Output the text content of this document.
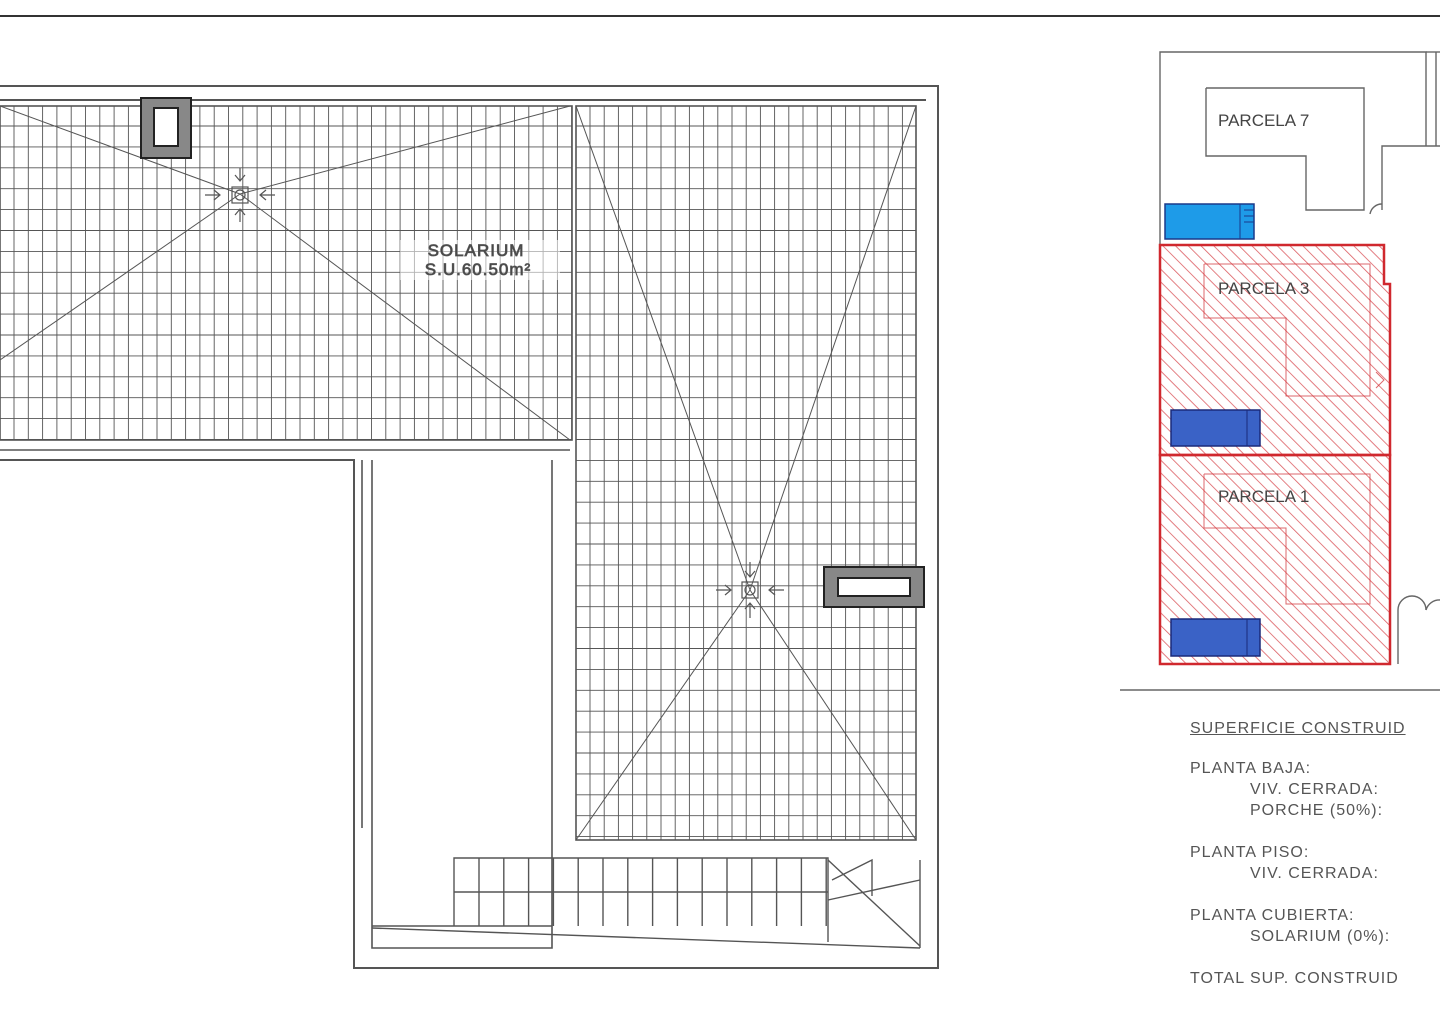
SOLARIUM
S.U.60.50m²
PARCELA 7
PARCELA 3
PARCELA 1
SUPERFICIE CONSTRUID
PLANTA BAJA:
VIV. CERRADA:
PORCHE (50%):
PLANTA PISO:
VIV. CERRADA:
PLANTA CUBIERTA:
SOLARIUM (0%):
TOTAL SUP. CONSTRUID
